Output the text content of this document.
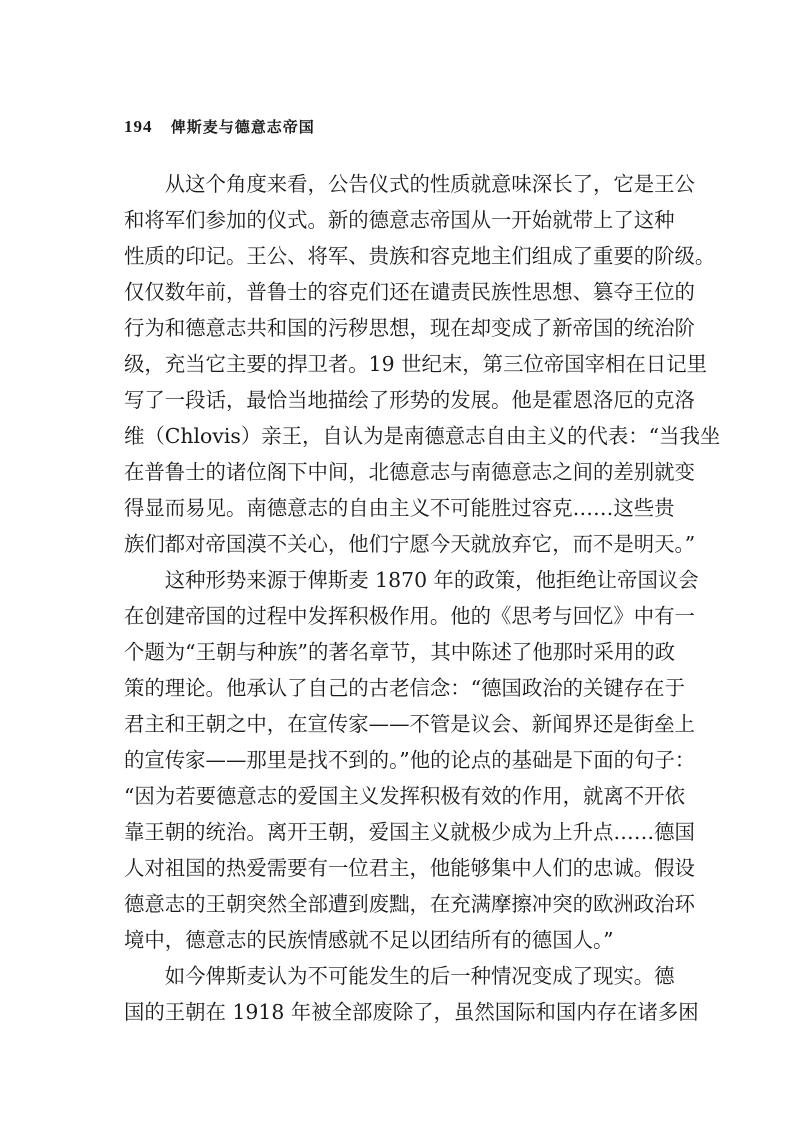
194 俾斯麦与德意志帝国
　　从这个角度来看，公告仪式的性质就意味深长了，它是王公
和将军们参加的仪式。新的德意志帝国从一开始就带上了这种
性质的印记。王公、将军、贵族和容克地主们组成了重要的阶级。
仅仅数年前，普鲁士的容克们还在谴责民族性思想、篡夺王位的
行为和德意志共和国的污秽思想，现在却变成了新帝国的统治阶
级，充当它主要的捍卫者。19 世纪末，第三位帝国宰相在日记里
写了一段话，最恰当地描绘了形势的发展。他是霍恩洛厄的克洛
维（Chlovis）亲王，自认为是南德意志自由主义的代表：“当我坐
在普鲁士的诸位阁下中间，北德意志与南德意志之间的差别就变
得显而易见。南德意志的自由主义不可能胜过容克……这些贵
族们都对帝国漠不关心，他们宁愿今天就放弃它，而不是明天。”
　　这种形势来源于俾斯麦 1870 年的政策，他拒绝让帝国议会
在创建帝国的过程中发挥积极作用。他的《思考与回忆》中有一
个题为“王朝与种族”的著名章节，其中陈述了他那时采用的政
策的理论。他承认了自己的古老信念：“德国政治的关键存在于
君主和王朝之中，在宣传家——不管是议会、新闻界还是街垒上
的宣传家——那里是找不到的。”他的论点的基础是下面的句子：
“因为若要德意志的爱国主义发挥积极有效的作用，就离不开依
靠王朝的统治。离开王朝，爱国主义就极少成为上升点……德国
人对祖国的热爱需要有一位君主，他能够集中人们的忠诚。假设
德意志的王朝突然全部遭到废黜，在充满摩擦冲突的欧洲政治环
境中，德意志的民族情感就不足以团结所有的德国人。”
　　如今俾斯麦认为不可能发生的后一种情况变成了现实。德
国的王朝在 1918 年被全部废除了，虽然国际和国内存在诸多困
